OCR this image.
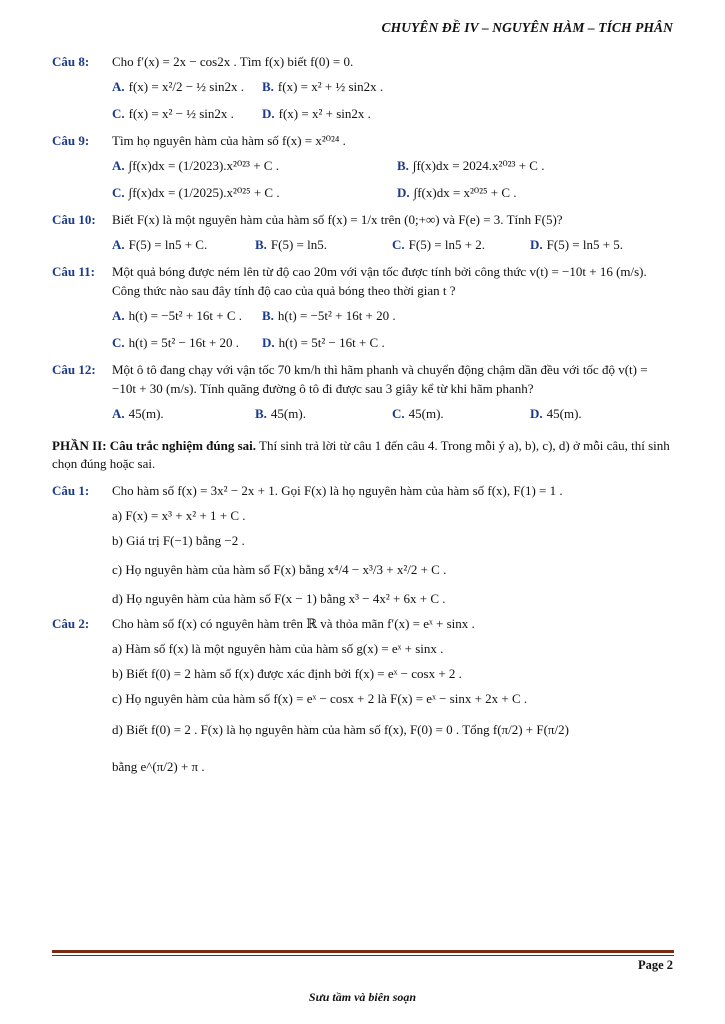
CHUYÊN ĐỀ IV – NGUYÊN HÀM – TÍCH PHÂN
Câu 8:	Cho f′(x) = 2x − cos2x . Tìm f(x) biết f(0) = 0.
A. f(x) = x²/2 − ½ sin2x .	B. f(x) = x² + ½ sin2x .
C. f(x) = x² − ½ sin2x .	D. f(x) = x² + sin2x .
Câu 9:	Tìm họ nguyên hàm của hàm số f(x) = x²⁰²⁴ .
A. ∫f(x)dx = (1/2023).x²⁰²³ + C .	B. ∫f(x)dx = 2024.x²⁰²³ + C .
C. ∫f(x)dx = (1/2025).x²⁰²⁵ + C .	D. ∫f(x)dx = x²⁰²⁵ + C .
Câu 10:	Biết F(x) là một nguyên hàm của hàm số f(x) = 1/x trên (0;+∞) và F(e) = 3. Tính F(5)?
A. F(5) = ln5 + C.	B. F(5) = ln5.	C. F(5) = ln5 + 2.	D. F(5) = ln5 + 5.
Câu 11:	Một quả bóng được ném lên từ độ cao 20m với vận tốc được tính bởi công thức v(t) = −10t + 16 (m/s). Công thức nào sau đây tính độ cao của quả bóng theo thời gian t ?
A. h(t) = −5t² + 16t + C .	B. h(t) = −5t² + 16t + 20 .
C. h(t) = 5t² − 16t + 20 .	D. h(t) = 5t² − 16t + C .
Câu 12:	Một ô tô đang chạy với vận tốc 70 km/h thì hãm phanh và chuyển động chậm dần đều với tốc độ v(t) = −10t + 30 (m/s). Tính quãng đường ô tô đi được sau 3 giây kể từ khi hãm phanh?
A. 45(m).	B. 45(m).	C. 45(m).	D. 45(m).
PHẦN II: Câu trắc nghiệm đúng sai. Thí sinh trả lời từ câu 1 đến câu 4. Trong mỗi ý a), b), c), d) ở mỗi câu, thí sinh chọn đúng hoặc sai.
Câu 1:	Cho hàm số f(x) = 3x² − 2x + 1. Gọi F(x) là họ nguyên hàm của hàm số f(x), F(1) = 1 .
a) F(x) = x³ + x² + 1 + C .
b) Giá trị F(−1) bằng −2 .
c) Họ nguyên hàm của hàm số F(x) bằng x⁴/4 − x³/3 + x²/2 + C .
d) Họ nguyên hàm của hàm số F(x − 1) bằng x³ − 4x² + 6x + C .
Câu 2:	Cho hàm số f(x) có nguyên hàm trên ℝ và thỏa mãn f′(x) = eˣ + sinx .
a) Hàm số f(x) là một nguyên hàm của hàm số g(x) = eˣ + sinx .
b) Biết f(0) = 2 hàm số f(x) được xác định bởi f(x) = eˣ − cosx + 2 .
c) Họ nguyên hàm của hàm số f(x) = eˣ − cosx + 2 là F(x) = eˣ − sinx + 2x + C .
d) Biết f(0) = 2 . F(x) là họ nguyên hàm của hàm số f(x), F(0) = 0 . Tổng f(π/2) + F(π/2)
bằng e^(π/2) + π .
Page 2
Sưu tầm và biên soạn
